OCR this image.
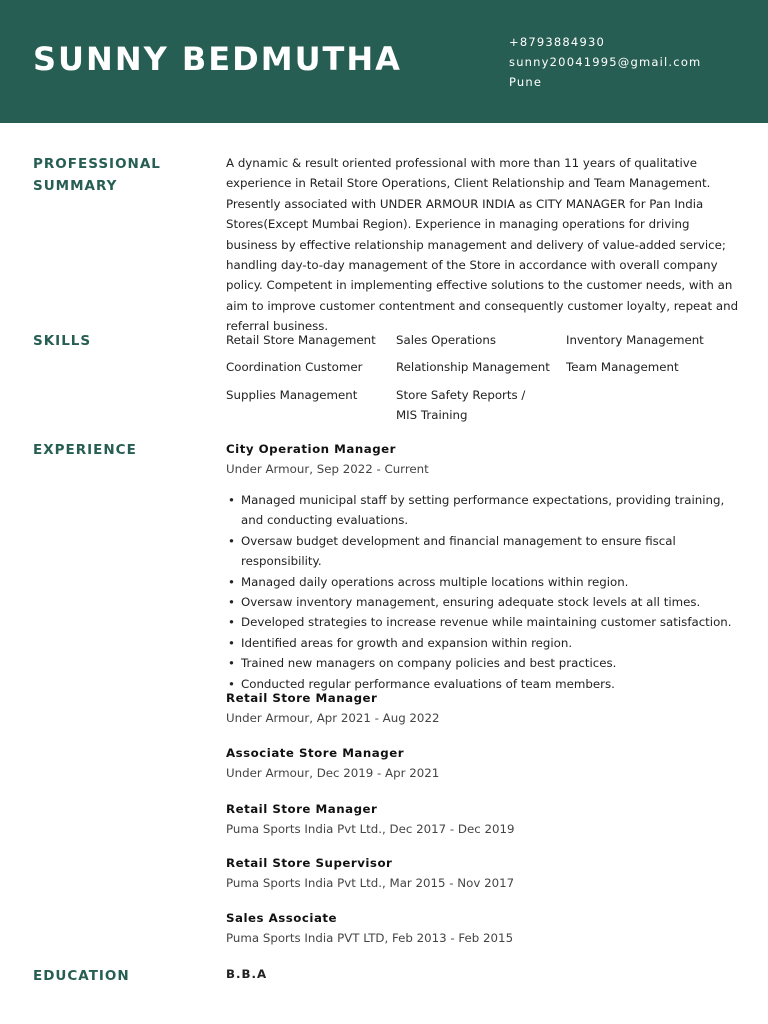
SUNNY BEDMUTHA	+8793884930
sunny20041995@gmail.com
Pune
PROFESSIONAL SUMMARY
A dynamic & result oriented professional with more than 11 years of qualitative experience in Retail Store Operations, Client Relationship and Team Management. Presently associated with UNDER ARMOUR INDIA as CITY MANAGER for Pan India Stores(Except Mumbai Region). Experience in managing operations for driving business by effective relationship management and delivery of value-added service; handling day-to-day management of the Store in accordance with overall company policy. Competent in implementing effective solutions to the customer needs, with an aim to improve customer contentment and consequently customer loyalty, repeat and referral business.
SKILLS	Retail Store Management	Sales Operations	Inventory Management
Coordination Customer	Relationship Management	Team Management
Supplies Management	Store Safety Reports / MIS Training
EXPERIENCE	City Operation Manager
Under Armour, Sep 2022 - Current
• Managed municipal staff by setting performance expectations, providing training, and conducting evaluations.
• Oversaw budget development and financial management to ensure fiscal responsibility.
• Managed daily operations across multiple locations within region.
• Oversaw inventory management, ensuring adequate stock levels at all times.
• Developed strategies to increase revenue while maintaining customer satisfaction.
• Identified areas for growth and expansion within region.
• Trained new managers on company policies and best practices.
• Conducted regular performance evaluations of team members.
Retail Store Manager
Under Armour, Apr 2021 - Aug 2022
Associate Store Manager
Under Armour, Dec 2019 - Apr 2021
Retail Store Manager
Puma Sports India Pvt Ltd., Dec 2017 - Dec 2019
Retail Store Supervisor
Puma Sports India Pvt Ltd., Mar 2015 - Nov 2017
Sales Associate
Puma Sports India PVT LTD, Feb 2013 - Feb 2015
EDUCATION	B.B.A
